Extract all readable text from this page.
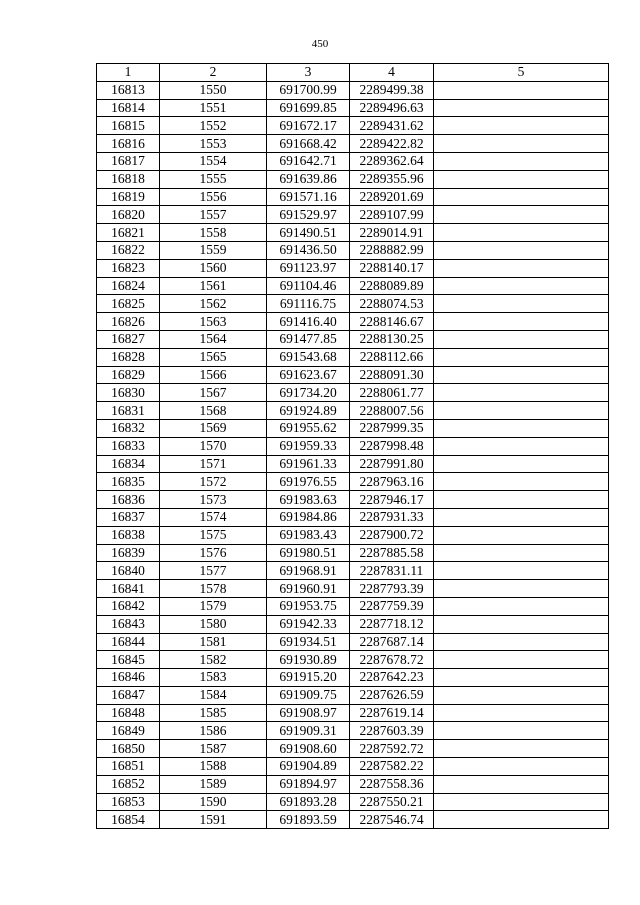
450
1	2	3	4	5
16813	1550	691700.99	2289499.38	
16814	1551	691699.85	2289496.63	
16815	1552	691672.17	2289431.62	
16816	1553	691668.42	2289422.82	
16817	1554	691642.71	2289362.64	
16818	1555	691639.86	2289355.96	
16819	1556	691571.16	2289201.69	
16820	1557	691529.97	2289107.99	
16821	1558	691490.51	2289014.91	
16822	1559	691436.50	2288882.99	
16823	1560	691123.97	2288140.17	
16824	1561	691104.46	2288089.89	
16825	1562	691116.75	2288074.53	
16826	1563	691416.40	2288146.67	
16827	1564	691477.85	2288130.25	
16828	1565	691543.68	2288112.66	
16829	1566	691623.67	2288091.30	
16830	1567	691734.20	2288061.77	
16831	1568	691924.89	2288007.56	
16832	1569	691955.62	2287999.35	
16833	1570	691959.33	2287998.48	
16834	1571	691961.33	2287991.80	
16835	1572	691976.55	2287963.16	
16836	1573	691983.63	2287946.17	
16837	1574	691984.86	2287931.33	
16838	1575	691983.43	2287900.72	
16839	1576	691980.51	2287885.58	
16840	1577	691968.91	2287831.11	
16841	1578	691960.91	2287793.39	
16842	1579	691953.75	2287759.39	
16843	1580	691942.33	2287718.12	
16844	1581	691934.51	2287687.14	
16845	1582	691930.89	2287678.72	
16846	1583	691915.20	2287642.23	
16847	1584	691909.75	2287626.59	
16848	1585	691908.97	2287619.14	
16849	1586	691909.31	2287603.39	
16850	1587	691908.60	2287592.72	
16851	1588	691904.89	2287582.22	
16852	1589	691894.97	2287558.36	
16853	1590	691893.28	2287550.21	
16854	1591	691893.59	2287546.74	
